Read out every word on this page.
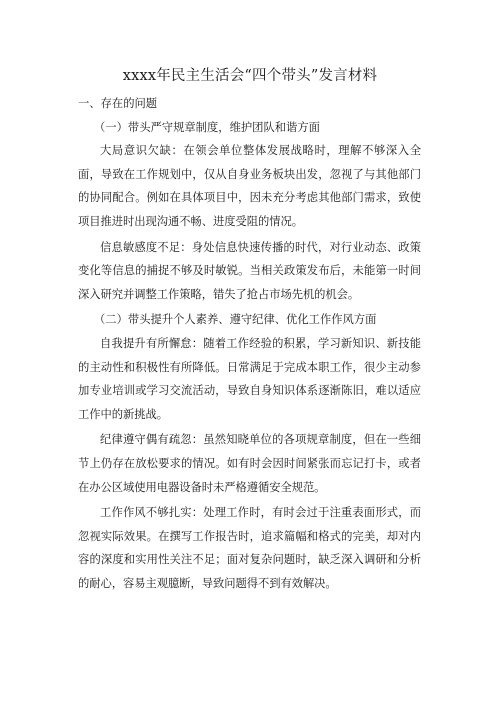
xxxx年民主生活会“四个带头”发言材料

一、存在的问题

（一）带头严守规章制度，维护团队和谐方面

大局意识欠缺：在领会单位整体发展战略时，理解不够深入全面，导致在工作规划中，仅从自身业务板块出发，忽视了与其他部门的协同配合。例如在具体项目中，因未充分考虑其他部门需求，致使项目推进时出现沟通不畅、进度受阻的情况。

信息敏感度不足：身处信息快速传播的时代，对行业动态、政策变化等信息的捕捉不够及时敏锐。当相关政策发布后，未能第一时间深入研究并调整工作策略，错失了抢占市场先机的机会。

（二）带头提升个人素养、遵守纪律、优化工作作风方面

自我提升有所懈怠：随着工作经验的积累，学习新知识、新技能的主动性和积极性有所降低。日常满足于完成本职工作，很少主动参加专业培训或学习交流活动，导致自身知识体系逐渐陈旧，难以适应工作中的新挑战。

纪律遵守偶有疏忽：虽然知晓单位的各项规章制度，但在一些细节上仍存在放松要求的情况。如有时会因时间紧张而忘记打卡，或者在办公区域使用电器设备时未严格遵循安全规范。

工作作风不够扎实：处理工作时，有时会过于注重表面形式，而忽视实际效果。在撰写工作报告时，追求篇幅和格式的完美，却对内容的深度和实用性关注不足；面对复杂问题时，缺乏深入调研和分析的耐心，容易主观臆断，导致问题得不到有效解决。
